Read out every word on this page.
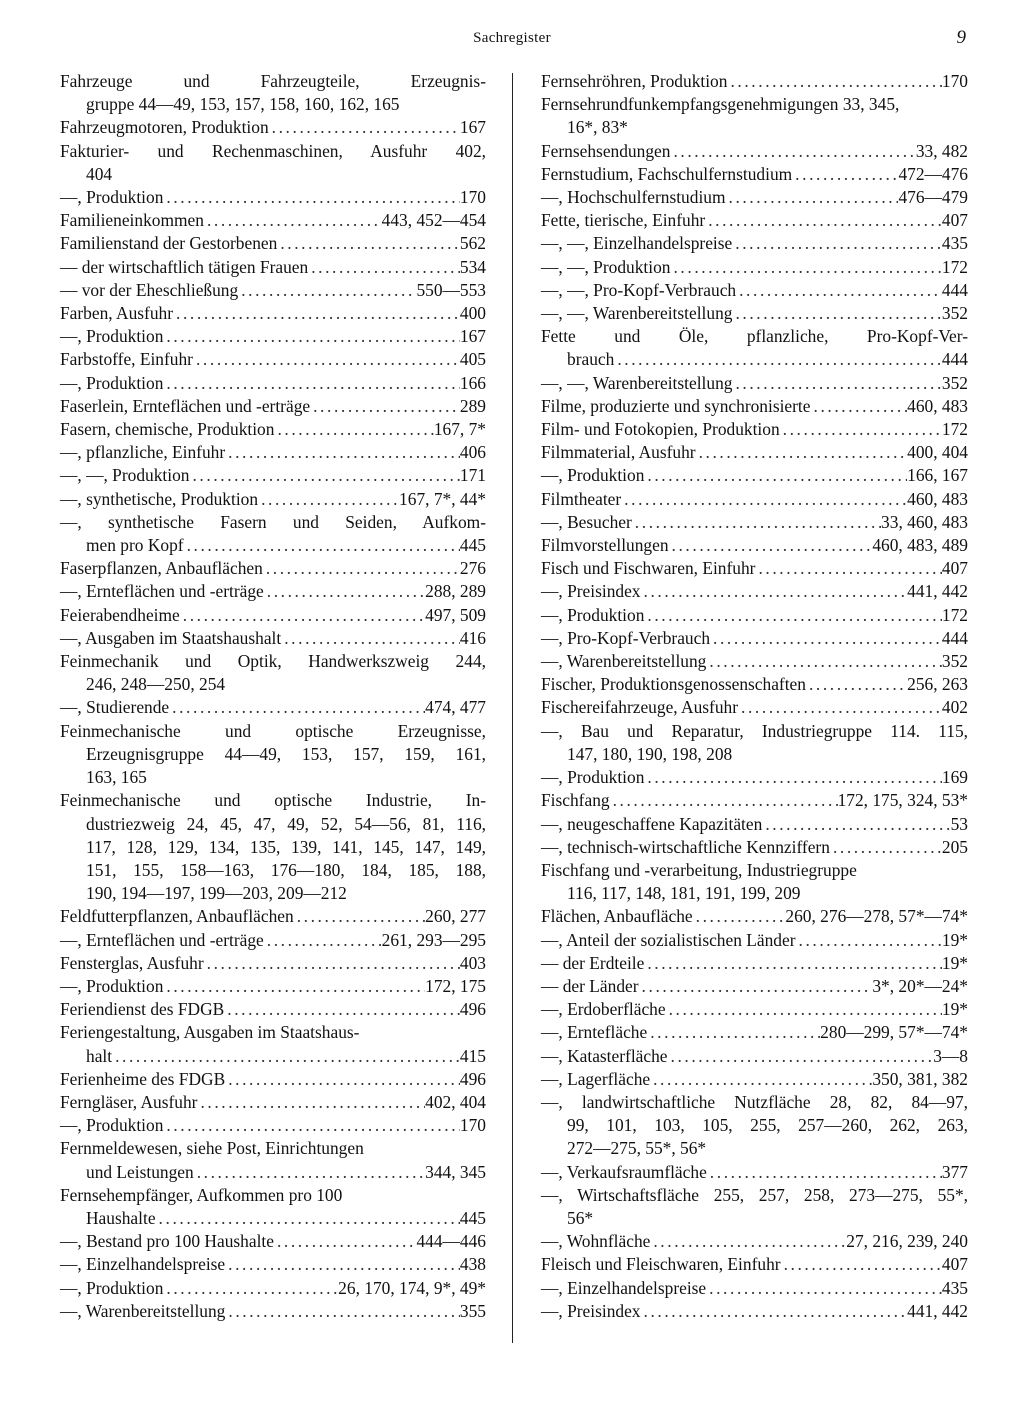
Sachregister	9
Fahrzeuge und Fahrzeugteile, Erzeugnis-
gruppe 44—49, 153, 157, 158, 160, 162, 165
Fahrzeugmotoren, Produktion .....	167
Fakturier- und Rechenmaschinen, Ausfuhr 402,
404
—, Produktion .....	170
Familieneinkommen .....	443, 452—454
Familienstand der Gestorbenen .....	562
— der wirtschaftlich tätigen Frauen .....	534
— vor der Eheschließung .....	550—553
Farben, Ausfuhr .....	400
—, Produktion .....	167
Farbstoffe, Einfuhr .....	405
—, Produktion .....	166
Faserlein, Ernteflächen und -erträge .....	289
Fasern, chemische, Produktion .....	167, 7*
—, pflanzliche, Einfuhr .....	406
—, —, Produktion .....	171
—, synthetische, Produktion .....	167, 7*, 44*
—, synthetische Fasern und Seiden, Aufkom-
men pro Kopf .....	445
Faserpflanzen, Anbauflächen .....	276
—, Ernteflächen und -erträge .....	288, 289
Feierabendheime .....	497, 509
—, Ausgaben im Staatshaushalt .....	416
Feinmechanik und Optik, Handwerkszweig 244,
246, 248—250, 254
—, Studierende .....	474, 477
Feinmechanische und optische Erzeugnisse,
Erzeugnisgruppe 44—49, 153, 157, 159, 161,
163, 165
Feinmechanische und optische Industrie, In-
dustriezweig 24, 45, 47, 49, 52, 54—56, 81, 116,
117, 128, 129, 134, 135, 139, 141, 145, 147, 149,
151, 155, 158—163, 176—180, 184, 185, 188,
190, 194—197, 199—203, 209—212
Feldfutterpflanzen, Anbauflächen .....	260, 277
—, Ernteflächen und -erträge .....	261, 293—295
Fensterglas, Ausfuhr .....	403
—, Produktion .....	172, 175
Feriendienst des FDGB .....	496
Feriengestaltung, Ausgaben im Staatshaus-
halt .....	415
Ferienheime des FDGB .....	496
Ferngläser, Ausfuhr .....	402, 404
—, Produktion .....	170
Fernmeldewesen, siehe Post, Einrichtungen
und Leistungen .....	344, 345
Fernsehempfänger, Aufkommen pro 100
Haushalte .....	445
—, Bestand pro 100 Haushalte .....	444—446
—, Einzelhandelspreise .....	438
—, Produktion .....	26, 170, 174, 9*, 49*
—, Warenbereitstellung .....	355
Fernsehröhren, Produktion .....	170
Fernsehrundfunkempfangsgenehmigungen 33, 345,
16*, 83*
Fernsehsendungen .....	33, 482
Fernstudium, Fachschulfernstudium .....	472—476
—, Hochschulfernstudium .....	476—479
Fette, tierische, Einfuhr .....	407
—, —, Einzelhandelspreise .....	435
—, —, Produktion .....	172
—, —, Pro-Kopf-Verbrauch .....	444
—, —, Warenbereitstellung .....	352
Fette und Öle, pflanzliche, Pro-Kopf-Ver-
brauch .....	444
—, —, Warenbereitstellung .....	352
Filme, produzierte und synchronisierte .....	460, 483
Film- und Fotokopien, Produktion .....	172
Filmmaterial, Ausfuhr .....	400, 404
—, Produktion .....	166, 167
Filmtheater .....	460, 483
—, Besucher .....	33, 460, 483
Filmvorstellungen .....	460, 483, 489
Fisch und Fischwaren, Einfuhr .....	407
—, Preisindex .....	441, 442
—, Produktion .....	172
—, Pro-Kopf-Verbrauch .....	444
—, Warenbereitstellung .....	352
Fischer, Produktionsgenossenschaften .....	256, 263
Fischereifahrzeuge, Ausfuhr .....	402
—, Bau und Reparatur, Industriegruppe 114. 115,
147, 180, 190, 198, 208
—, Produktion .....	169
Fischfang .....	172, 175, 324, 53*
—, neugeschaffene Kapazitäten .....	53
—, technisch-wirtschaftliche Kennziffern .....	205
Fischfang und -verarbeitung, Industriegruppe
116, 117, 148, 181, 191, 199, 209
Flächen, Anbaufläche .....	260, 276—278, 57*—74*
—, Anteil der sozialistischen Länder .....	19*
— der Erdteile .....	19*
— der Länder .....	3*, 20*—24*
—, Erdoberfläche .....	19*
—, Erntefläche .....	280—299, 57*—74*
—, Katasterfläche .....	3—8
—, Lagerfläche .....	350, 381, 382
—, landwirtschaftliche Nutzfläche 28, 82, 84—97,
99, 101, 103, 105, 255, 257—260, 262, 263,
272—275, 55*, 56*
—, Verkaufsraumfläche .....	377
—, Wirtschaftsfläche 255, 257, 258, 273—275, 55*,
56*
—, Wohnfläche .....	27, 216, 239, 240
Fleisch und Fleischwaren, Einfuhr .....	407
—, Einzelhandelspreise .....	435
—, Preisindex .....	441, 442
